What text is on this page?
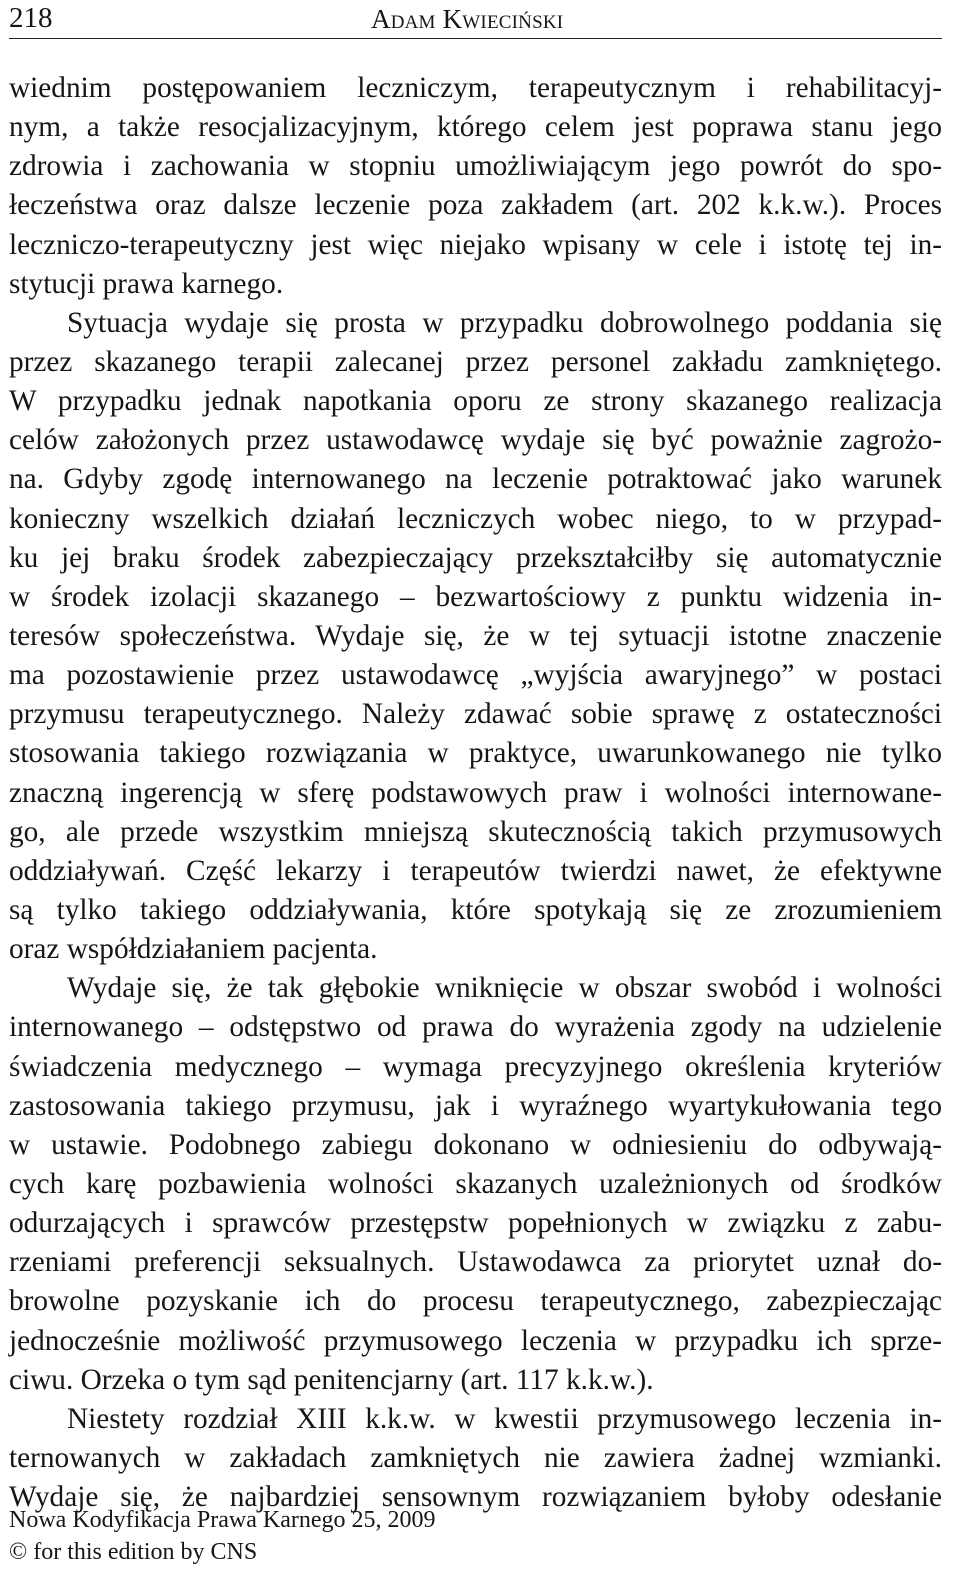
218	Adam Kwieciński
wiednim postępowaniem leczniczym, terapeutycznym i rehabilitacyj-
nym, a także resocjalizacyjnym, którego celem jest poprawa stanu jego
zdrowia i zachowania w stopniu umożliwiającym jego powrót do spo-
łeczeństwa oraz dalsze leczenie poza zakładem (art. 202 k.k.w.). Proces
leczniczo-terapeutyczny jest więc niejako wpisany w cele i istotę tej in-
stytucji prawa karnego.
Sytuacja wydaje się prosta w przypadku dobrowolnego poddania się
przez skazanego terapii zalecanej przez personel zakładu zamkniętego.
W przypadku jednak napotkania oporu ze strony skazanego realizacja
celów założonych przez ustawodawcę wydaje się być poważnie zagrożo-
na. Gdyby zgodę internowanego na leczenie potraktować jako warunek
konieczny wszelkich działań leczniczych wobec niego, to w przypad-
ku jej braku środek zabezpieczający przekształciłby się automatycznie
w środek izolacji skazanego – bezwartościowy z punktu widzenia in-
teresów społeczeństwa. Wydaje się, że w tej sytuacji istotne znaczenie
ma pozostawienie przez ustawodawcę „wyjścia awaryjnego” w postaci
przymusu terapeutycznego. Należy zdawać sobie sprawę z ostateczności
stosowania takiego rozwiązania w praktyce, uwarunkowanego nie tylko
znaczną ingerencją w sferę podstawowych praw i wolności internowane-
go, ale przede wszystkim mniejszą skutecznością takich przymusowych
oddziaływań. Część lekarzy i terapeutów twierdzi nawet, że efektywne
są tylko takiego oddziaływania, które spotykają się ze zrozumieniem
oraz współdziałaniem pacjenta.
Wydaje się, że tak głębokie wniknięcie w obszar swobód i wolności
internowanego – odstępstwo od prawa do wyrażenia zgody na udzielenie
świadczenia medycznego – wymaga precyzyjnego określenia kryteriów
zastosowania takiego przymusu, jak i wyraźnego wyartykułowania tego
w ustawie. Podobnego zabiegu dokonano w odniesieniu do odbywają-
cych karę pozbawienia wolności skazanych uzależnionych od środków
odurzających i sprawców przestępstw popełnionych w związku z zabu-
rzeniami preferencji seksualnych. Ustawodawca za priorytet uznał do-
browolne pozyskanie ich do procesu terapeutycznego, zabezpieczając
jednocześnie możliwość przymusowego leczenia w przypadku ich sprze-
ciwu. Orzeka o tym sąd penitencjarny (art. 117 k.k.w.).
Niestety rozdział XIII k.k.w. w kwestii przymusowego leczenia in-
ternowanych w zakładach zamkniętych nie zawiera żadnej wzmianki.
Wydaje się, że najbardziej sensownym rozwiązaniem byłoby odesłanie
Nowa Kodyfikacja Prawa Karnego 25, 2009
© for this edition by CNS
